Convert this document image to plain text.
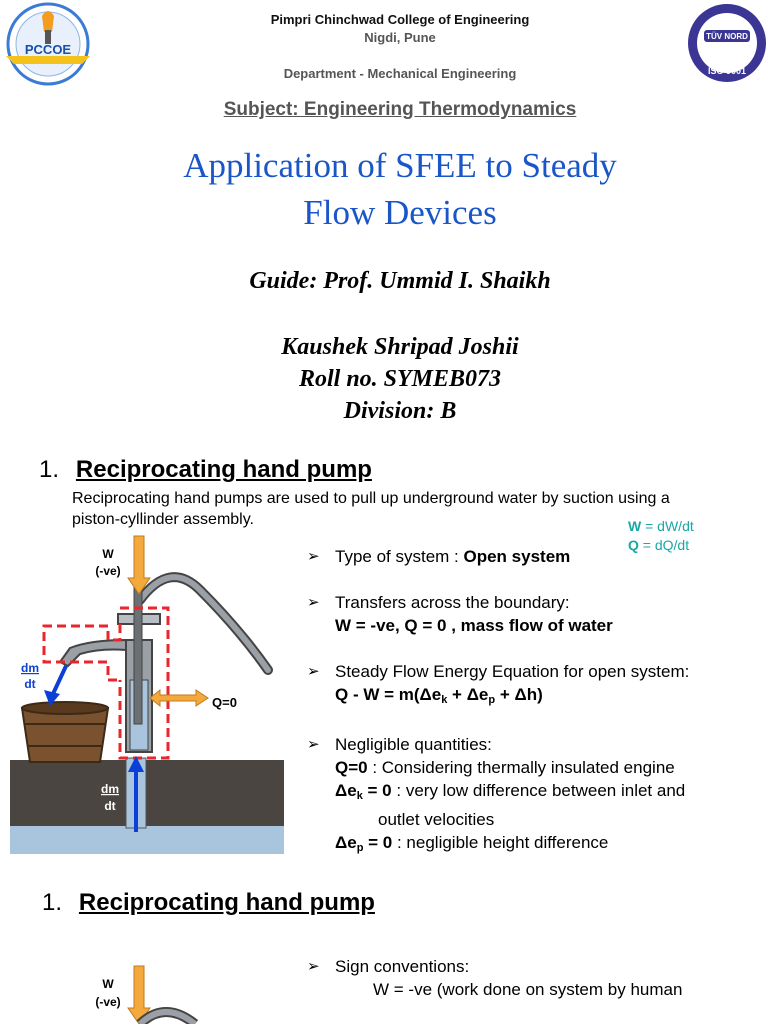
PCCOE
Pimpri Chinchwad College of Engineering
Nigdi, Pune
Department - Mechanical Engineering
Subject: Engineering Thermodynamics
TÜV NORD
ISO 9001
Application of SFEE to Steady
Flow Devices
Guide: Prof. Ummid I. Shaikh
Kaushek Shripad Joshii
Roll no. SYMEB073
Division: B
1. Reciprocating hand pump
Reciprocating hand pumps are used to pull up underground water by suction using a piston-cyllinder assembly.	W = dW/dt
Q = dQ/dt
W
(-ve)
dm
dt
dm
dt
Q=0
➢ Type of system : Open system
➢ Transfers across the boundary:
W = -ve, Q = 0 , mass flow of water
➢ Steady Flow Energy Equation for open system:
$Q - W = m(\Delta e_k + \Delta e_p + \Delta h)$
➢ Negligible quantities:
Q=0 : Considering thermally insulated engine
$\Delta e_k = 0$ : very low difference between inlet and
outlet velocities
$\Delta e_p = 0$ : negligible height difference
1. Reciprocating hand pump
W
(-ve)
➢ Sign conventions:
W = -ve (work done on system by human
